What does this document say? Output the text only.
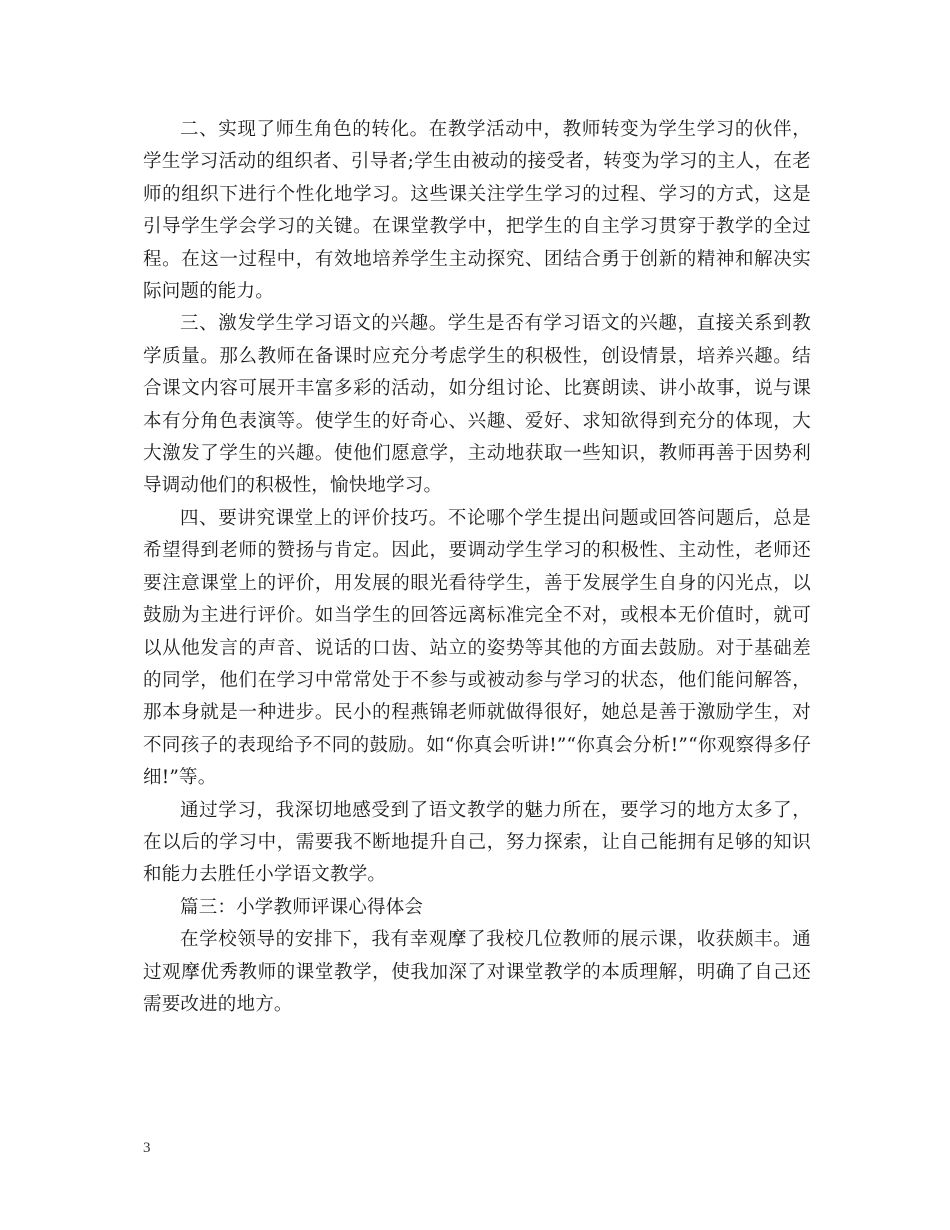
二、实现了师生角色的转化。在教学活动中，教师转变为学生学习的伙伴，学生学习活动的组织者、引导者;学生由被动的接受者，转变为学习的主人，在老师的组织下进行个性化地学习。这些课关注学生学习的过程、学习的方式，这是引导学生学会学习的关键。在课堂教学中，把学生的自主学习贯穿于教学的全过程。在这一过程中，有效地培养学生主动探究、团结合勇于创新的精神和解决实际问题的能力。

三、激发学生学习语文的兴趣。学生是否有学习语文的兴趣，直接关系到教学质量。那么教师在备课时应充分考虑学生的积极性，创设情景，培养兴趣。结合课文内容可展开丰富多彩的活动，如分组讨论、比赛朗读、讲小故事，说与课本有分角色表演等。使学生的好奇心、兴趣、爱好、求知欲得到充分的体现，大大激发了学生的兴趣。使他们愿意学，主动地获取一些知识，教师再善于因势利导调动他们的积极性，愉快地学习。

四、要讲究课堂上的评价技巧。不论哪个学生提出问题或回答问题后，总是希望得到老师的赞扬与肯定。因此，要调动学生学习的积极性、主动性，老师还要注意课堂上的评价，用发展的眼光看待学生，善于发展学生自身的闪光点，以鼓励为主进行评价。如当学生的回答远离标准完全不对，或根本无价值时，就可以从他发言的声音、说话的口齿、站立的姿势等其他的方面去鼓励。对于基础差的同学，他们在学习中常常处于不参与或被动参与学习的状态，他们能问解答，那本身就是一种进步。民小的程燕锦老师就做得很好，她总是善于激励学生，对不同孩子的表现给予不同的鼓励。如“你真会听讲!”“你真会分析!”“你观察得多仔细!”等。

通过学习，我深切地感受到了语文教学的魅力所在，要学习的地方太多了，在以后的学习中，需要我不断地提升自己，努力探索，让自己能拥有足够的知识和能力去胜任小学语文教学。

篇三：小学教师评课心得体会

在学校领导的安排下，我有幸观摩了我校几位教师的展示课，收获颇丰。通过观摩优秀教师的课堂教学，使我加深了对课堂教学的本质理解，明确了自己还需要改进的地方。

3
